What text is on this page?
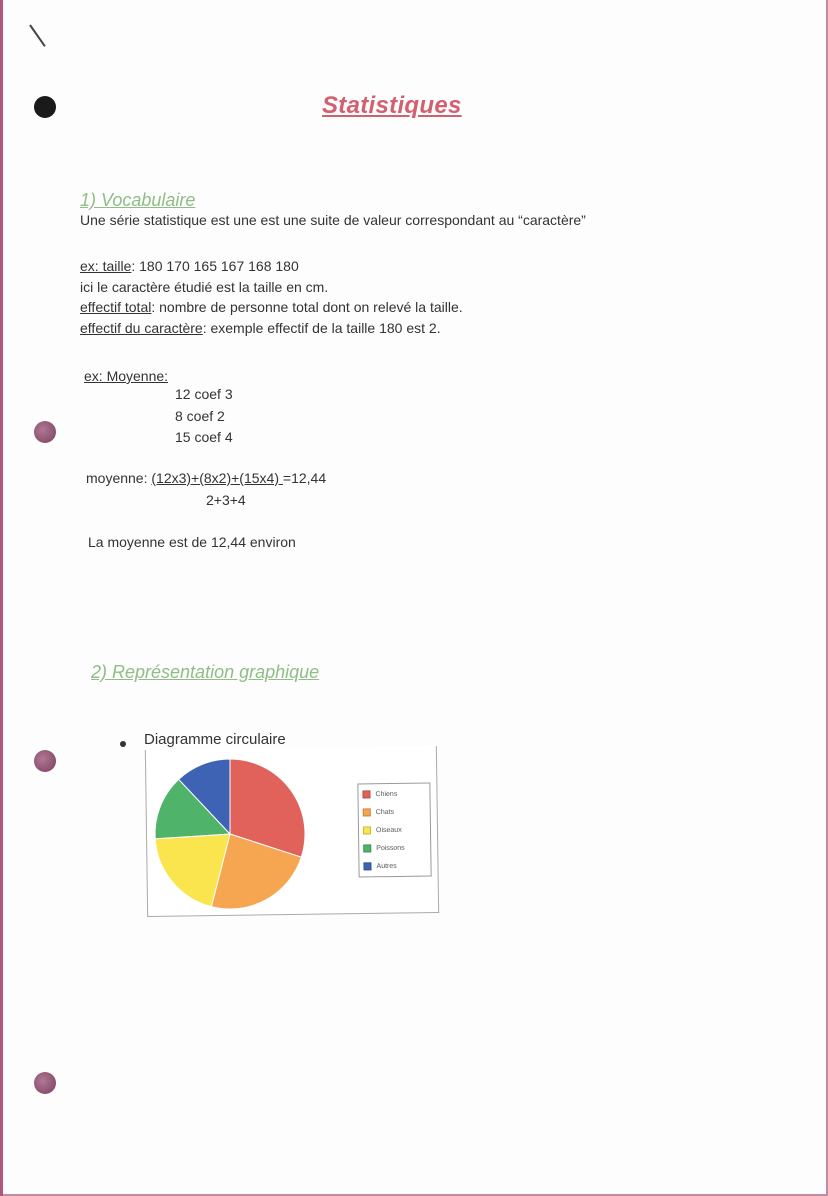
Statistiques
1) Vocabulaire
Une série statistique est une est une suite de valeur correspondant au “caractère”
ex: taille: 180 170 165 167 168 180
ici le caractère étudié est la taille en cm.
effectif total: nombre de personne total dont on relevé la taille.
effectif du caractère: exemple effectif de la taille 180 est 2.
ex: Moyenne:
12 coef 3
8 coef 2
15 coef 4
moyenne: (12x3)+(8x2)+(15x4) =12,44
2+3+4
La moyenne est de 12,44 environ
2) Représentation graphique
Diagramme circulaire
Chiens
Chats
Oiseaux
Poissons
Autres
